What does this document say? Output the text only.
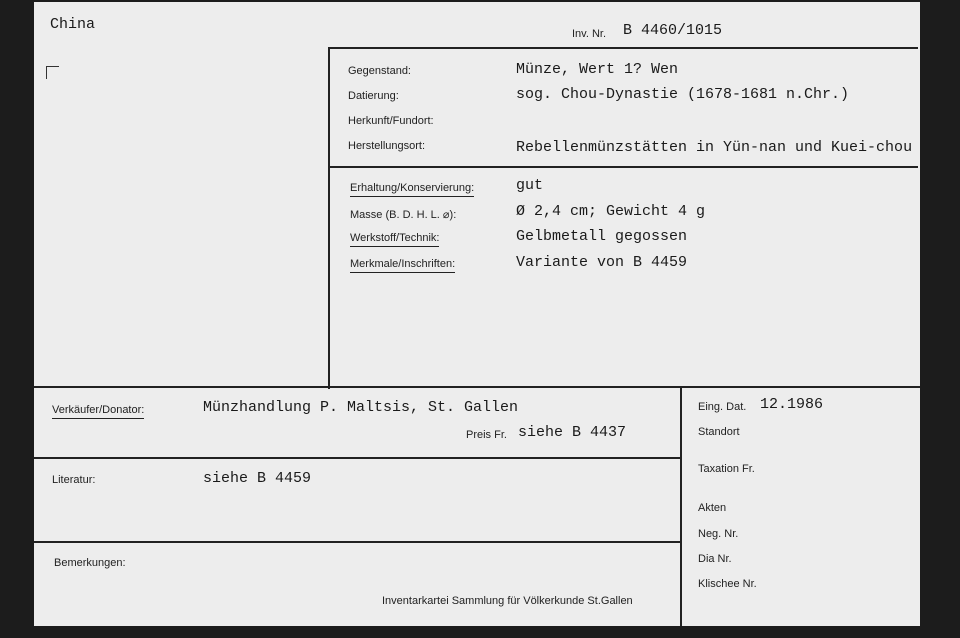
China
Inv. Nr. B 4460/1015
Gegenstand:	Münze, Wert 1? Wen
Datierung:	sog. Chou-Dynastie (1678-1681 n.Chr.)
Herkunft/Fundort:
Herstellungsort:	Rebellenmünzstätten in Yün-nan und Kuei-chou
Erhaltung/Konservierung:	gut
Masse (B. D. H. L. ⌀):	Ø 2,4 cm; Gewicht 4 g
Werkstoff/Technik:	Gelbmetall gegossen
Merkmale/Inschriften:	Variante von B 4459
Verkäufer/Donator:	Münzhandlung P. Maltsis, St. Gallen
Preis Fr. siehe B 4437
Literatur:	siehe B 4459
Bemerkungen:
Inventarkartei Sammlung für Völkerkunde St.Gallen
Eing. Dat. 12.1986
Standort
Taxation Fr.
Akten
Neg. Nr.
Dia Nr.
Klischee Nr.
